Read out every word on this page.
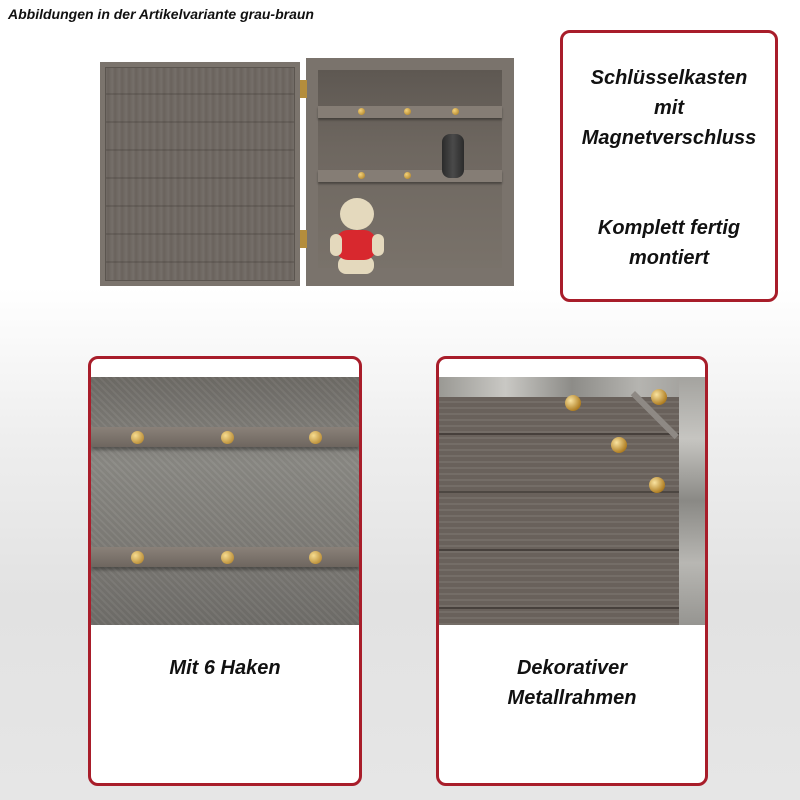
Abbildungen in der Artikelvariante grau-braun
Schlüsselkasten mit Magnetverschluss
Komplett fertig montiert
Mit 6 Haken	Dekorativer Metallrahmen
